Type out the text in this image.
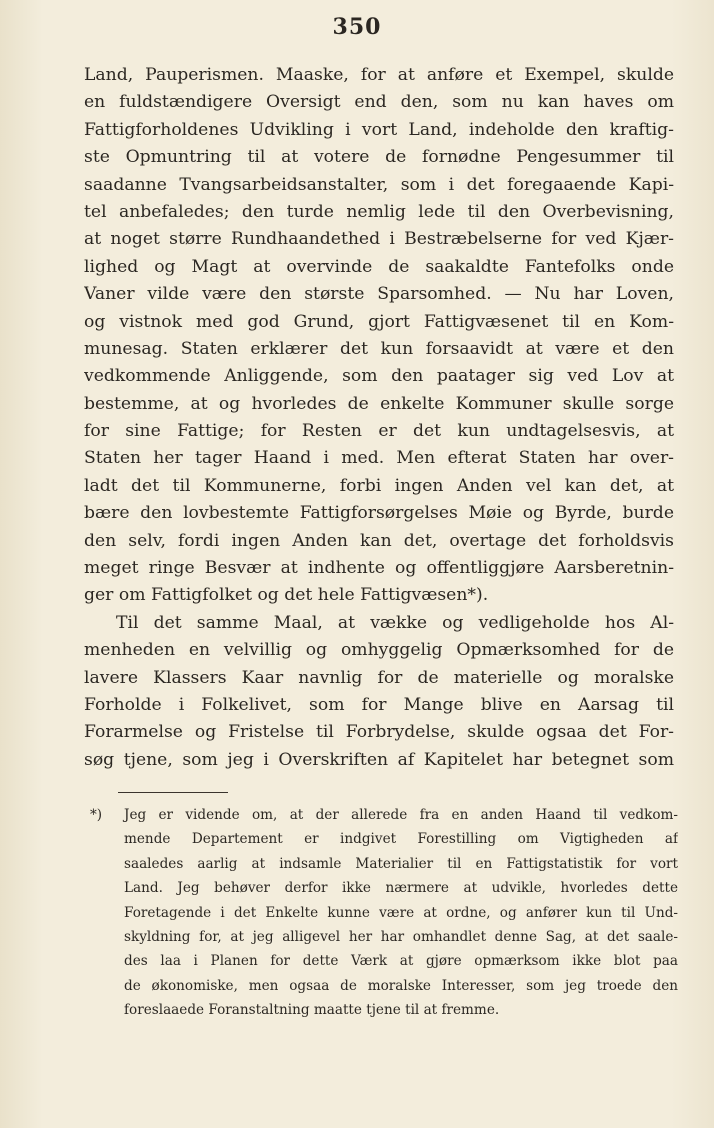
350
Land, Pauperismen. Maaske, for at anføre et Exempel, skulde
en fuldstændigere Oversigt end den, som nu kan haves om
Fattigforholdenes Udvikling i vort Land, indeholde den kraftig-
ste Opmuntring til at votere de fornødne Pengesummer til
saadanne Tvangsarbeidsanstalter, som i det foregaaende Kapi-
tel anbefaledes; den turde nemlig lede til den Overbevisning,
at noget større Rundhaandethed i Bestræbelserne for ved Kjær-
lighed og Magt at overvinde de saakaldte Fantefolks onde
Vaner vilde være den største Sparsomhed. — Nu har Loven,
og vistnok med god Grund, gjort Fattigvæsenet til en Kom-
munesag. Staten erklærer det kun forsaavidt at være et den
vedkommende Anliggende, som den paatager sig ved Lov at
bestemme, at og hvorledes de enkelte Kommuner skulle sorge
for sine Fattige; for Resten er det kun undtagelsesvis, at
Staten her tager Haand i med. Men efterat Staten har over-
ladt det til Kommunerne, forbi ingen Anden vel kan det, at
bære den lovbestemte Fattigforsørgelses Møie og Byrde, burde
den selv, fordi ingen Anden kan det, overtage det forholdsvis
meget ringe Besvær at indhente og offentliggjøre Aarsberetnin-
ger om Fattigfolket og det hele Fattigvæsen*).
Til det samme Maal, at vække og vedligeholde hos Al-
menheden en velvillig og omhyggelig Opmærksomhed for de
lavere Klassers Kaar navnlig for de materielle og moralske
Forholde i Folkelivet, som for Mange blive en Aarsag til
Forarmelse og Fristelse til Forbrydelse, skulde ogsaa det For-
søg tjene, som jeg i Overskriften af Kapitelet har betegnet som
*)	Jeg er vidende om, at der allerede fra en anden Haand til vedkom-
mende Departement er indgivet Forestilling om Vigtigheden af
saaledes aarlig at indsamle Materialier til en Fattigstatistik for vort
Land. Jeg behøver derfor ikke nærmere at udvikle, hvorledes dette
Foretagende i det Enkelte kunne være at ordne, og anfører kun til Und-
skyldning for, at jeg alligevel her har omhandlet denne Sag, at det saale-
des laa i Planen for dette Værk at gjøre opmærksom ikke blot paa
de økonomiske, men ogsaa de moralske Interesser, som jeg troede den
foreslaaede Foranstaltning maatte tjene til at fremme.
